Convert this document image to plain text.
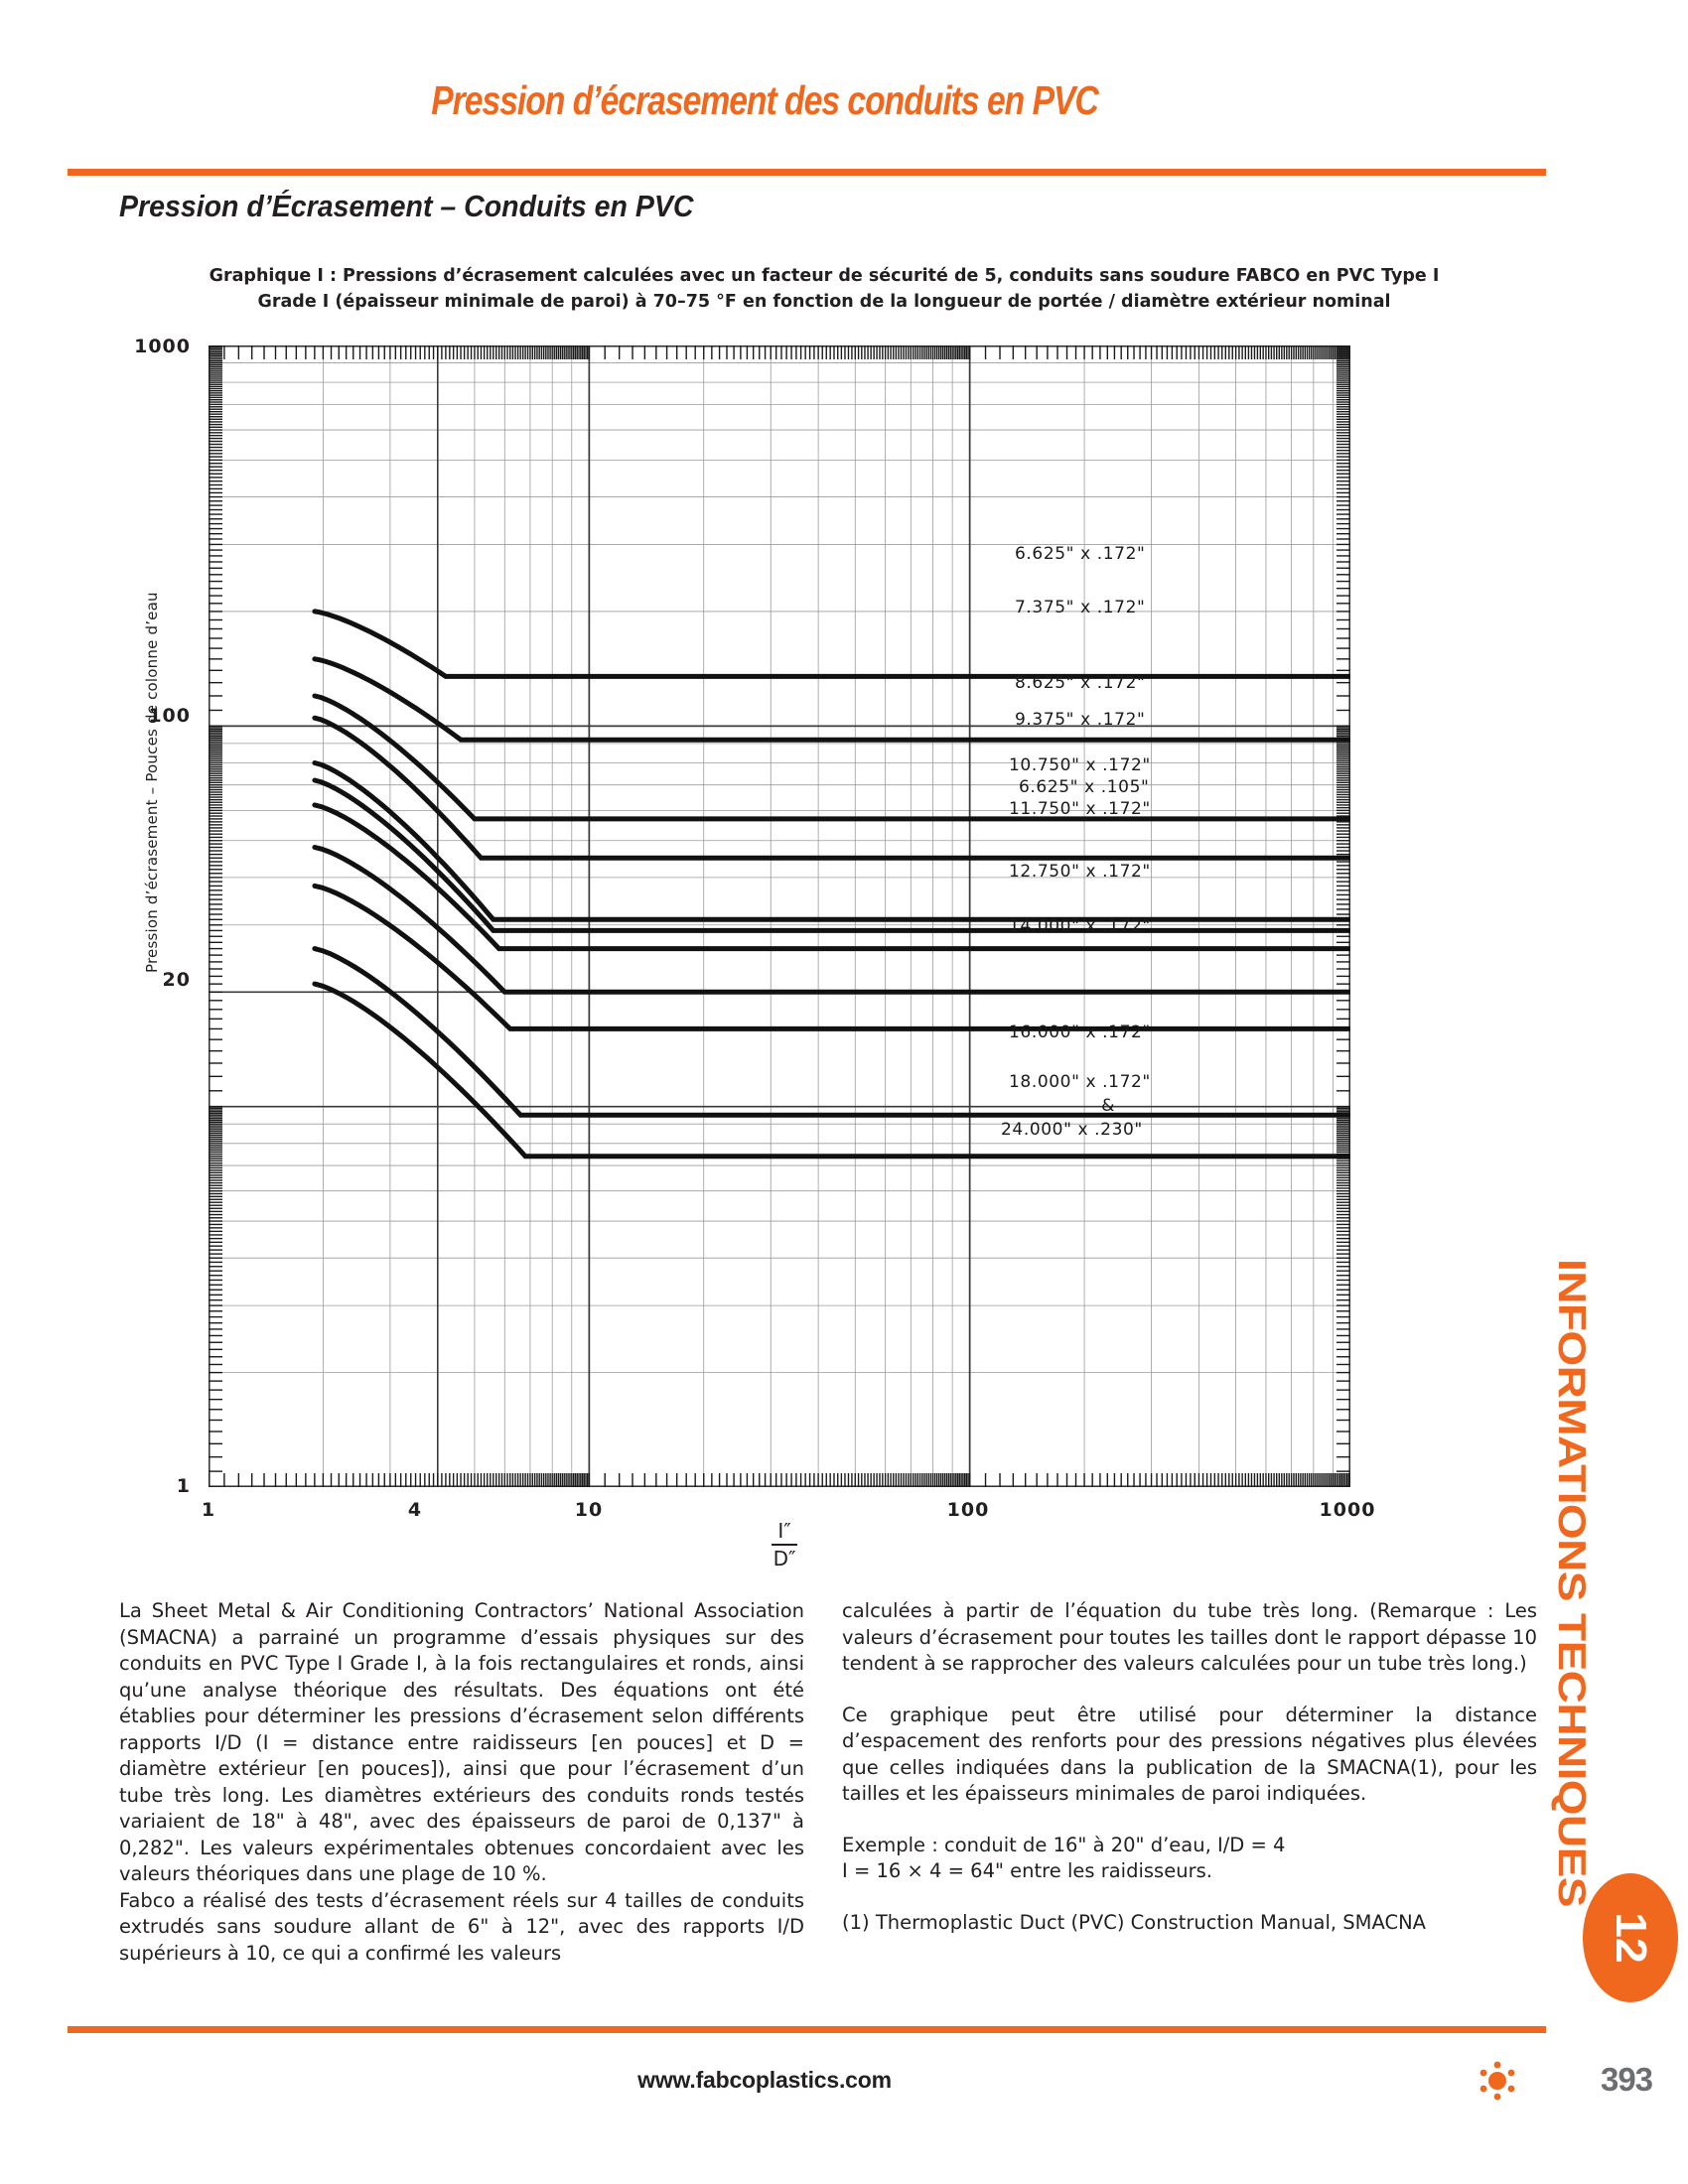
Pression d’écrasement des conduits en PVC
Pression d’Écrasement – Conduits en PVC
Graphique I : Pressions d’écrasement calculées avec un facteur de sécurité de 5, conduits sans soudure FABCO en PVC Type I
Grade I (épaisseur minimale de paroi) à 70–75 °F en fonction de la longueur de portée / diamètre extérieur nominal
Pression d’écrasement – Pouces de colonne d’eau
1000
100
20
1
1	4	10	100	1000
I″
D″
6.625" x .172"
7.375" x .172"
8.625" x .172"
9.375" x .172"
10.750" x .172"
6.625" x .105"
11.750" x .172"
12.750" x .172"
14.000" x .172"
16.000" x .172"
18.000" x .172"
&
24.000" x .230"

La Sheet Metal & Air Conditioning Contractors’ National Association (SMACNA) a parrainé un programme d’essais physiques sur des conduits en PVC Type I Grade I, à la fois rectangulaires et ronds, ainsi qu’une analyse théorique des résultats. Des équations ont été établies pour déterminer les pressions d’écrasement selon différents rapports I/D (I = distance entre raidisseurs [en pouces] et D = diamètre extérieur [en pouces]), ainsi que pour l’écrasement d’un tube très long. Les diamètres extérieurs des conduits ronds testés variaient de 18" à 48", avec des épaisseurs de paroi de 0,137" à 0,282". Les valeurs expérimentales obtenues concordaient avec les valeurs théoriques dans une plage de 10 %.

Fabco a réalisé des tests d’écrasement réels sur 4 tailles de conduits extrudés sans soudure allant de 6" à 12", avec des rapports I/D supérieurs à 10, ce qui a confirmé les valeurs

calculées à partir de l’équation du tube très long. (Remarque : Les valeurs d’écrasement pour toutes les tailles dont le rapport dépasse 10 tendent à se rapprocher des valeurs calculées pour un tube très long.)

Ce graphique peut être utilisé pour déterminer la distance d’espacement des renforts pour des pressions négatives plus élevées que celles indiquées dans la publication de la SMACNA(1), pour les tailles et les épaisseurs minimales de paroi indiquées.

Exemple : conduit de 16" à 20" d’eau, I/D = 4

I = 16 × 4 = 64" entre les raidisseurs.

(1) Thermoplastic Duct (PVC) Construction Manual, SMACNA

INFORMATIONS TECHNIQUES
12
www.fabcoplastics.com	393
